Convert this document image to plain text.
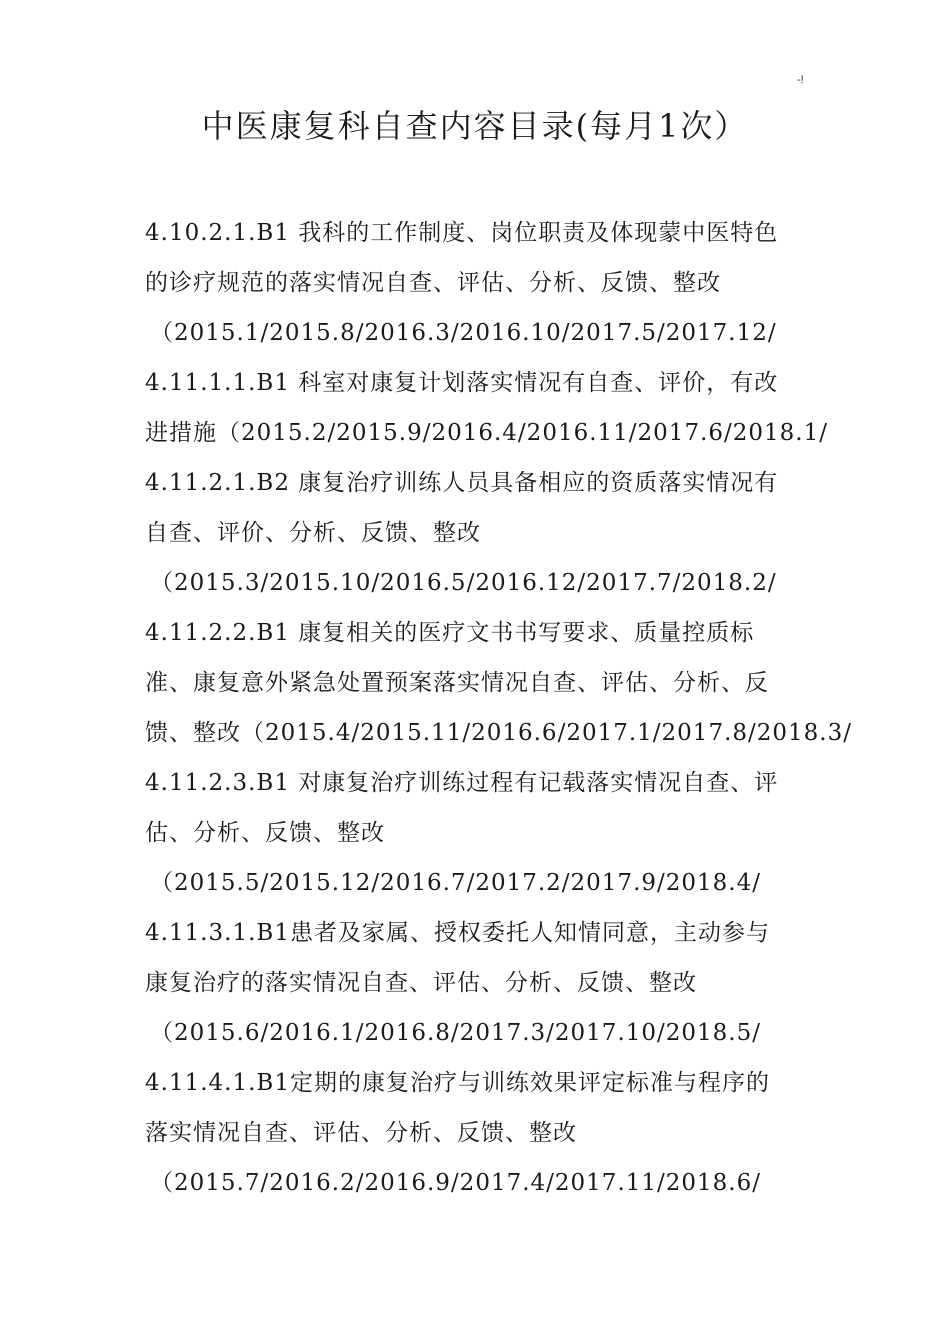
-!
中医康复科自查内容目录(每月1次）
4.10.2.1.B1 我科的工作制度、岗位职责及体现蒙中医特色
的诊疗规范的落实情况自查、评估、分析、反馈、整改
（2015.1/2015.8/2016.3/2016.10/2017.5/2017.12/
4.11.1.1.B1 科室对康复计划落实情况有自查、评价，有改
进措施（2015.2/2015.9/2016.4/2016.11/2017.6/2018.1/
4.11.2.1.B2 康复治疗训练人员具备相应的资质落实情况有
自查、评价、分析、反馈、整改
（2015.3/2015.10/2016.5/2016.12/2017.7/2018.2/
4.11.2.2.B1 康复相关的医疗文书书写要求、质量控质标
准、康复意外紧急处置预案落实情况自查、评估、分析、反
馈、整改（2015.4/2015.11/2016.6/2017.1/2017.8/2018.3/
4.11.2.3.B1 对康复治疗训练过程有记载落实情况自查、评
估、分析、反馈、整改
（2015.5/2015.12/2016.7/2017.2/2017.9/2018.4/
4.11.3.1.B1患者及家属、授权委托人知情同意，主动参与
康复治疗的落实情况自查、评估、分析、反馈、整改
（2015.6/2016.1/2016.8/2017.3/2017.10/2018.5/
4.11.4.1.B1定期的康复治疗与训练效果评定标准与程序的
落实情况自查、评估、分析、反馈、整改
（2015.7/2016.2/2016.9/2017.4/2017.11/2018.6/
